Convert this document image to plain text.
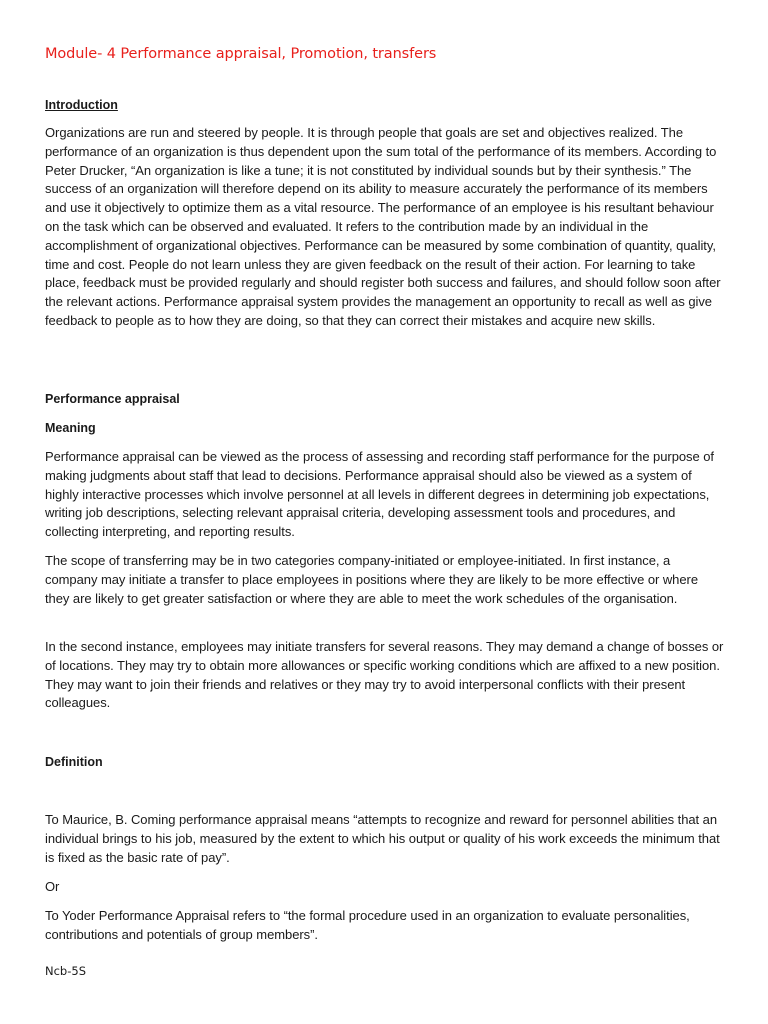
Module- 4 Performance appraisal, Promotion, transfers
Introduction

Organizations are run and steered by people. It is through people that goals are set and objectives realized. The performance of an organization is thus dependent upon the sum total of the performance of its members. According to Peter Drucker, “An organization is like a tune; it is not constituted by individual sounds but by their synthesis.” The success of an organization will therefore depend on its ability to measure accurately the performance of its members and use it objectively to optimize them as a vital resource. The performance of an employee is his resultant behaviour on the task which can be observed and evaluated. It refers to the contribution made by an individual in the accomplishment of organizational objectives. Performance can be measured by some combination of quantity, quality, time and cost. People do not learn unless they are given feedback on the result of their action. For learning to take place, feedback must be provided regularly and should register both success and failures, and should follow soon after the relevant actions. Performance appraisal system provides the management an opportunity to recall as well as give feedback to people as to how they are doing, so that they can correct their mistakes and acquire new skills.

Performance appraisal
Meaning

Performance appraisal can be viewed as the process of assessing and recording staff performance for the purpose of making judgments about staff that lead to decisions. Performance appraisal should also be viewed as a system of highly interactive processes which involve personnel at all levels in different degrees in determining job expectations, writing job descriptions, selecting relevant appraisal criteria, developing assessment tools and procedures, and collecting interpreting, and reporting results.

The scope of transferring may be in two categories company-initiated or employee-initiated. In first instance, a company may initiate a transfer to place employees in positions where they are likely to be more effective or where they are likely to get greater satisfaction or where they are able to meet the work schedules of the organisation.

In the second instance, employees may initiate transfers for several reasons. They may demand a change of bosses or of locations. They may try to obtain more allowances or specific working conditions which are affixed to a new position. They may want to join their friends and relatives or they may try to avoid interpersonal conflicts with their present colleagues.

Definition

To Maurice, B. Coming performance appraisal means “attempts to recognize and reward for personnel abilities that an individual brings to his job, measured by the extent to which his output or quality of his work exceeds the minimum that is fixed as the basic rate of pay”.

Or

To Yoder Performance Appraisal refers to “the formal procedure used in an organization to evaluate personalities, contributions and potentials of group members”.

Ncb-5S
